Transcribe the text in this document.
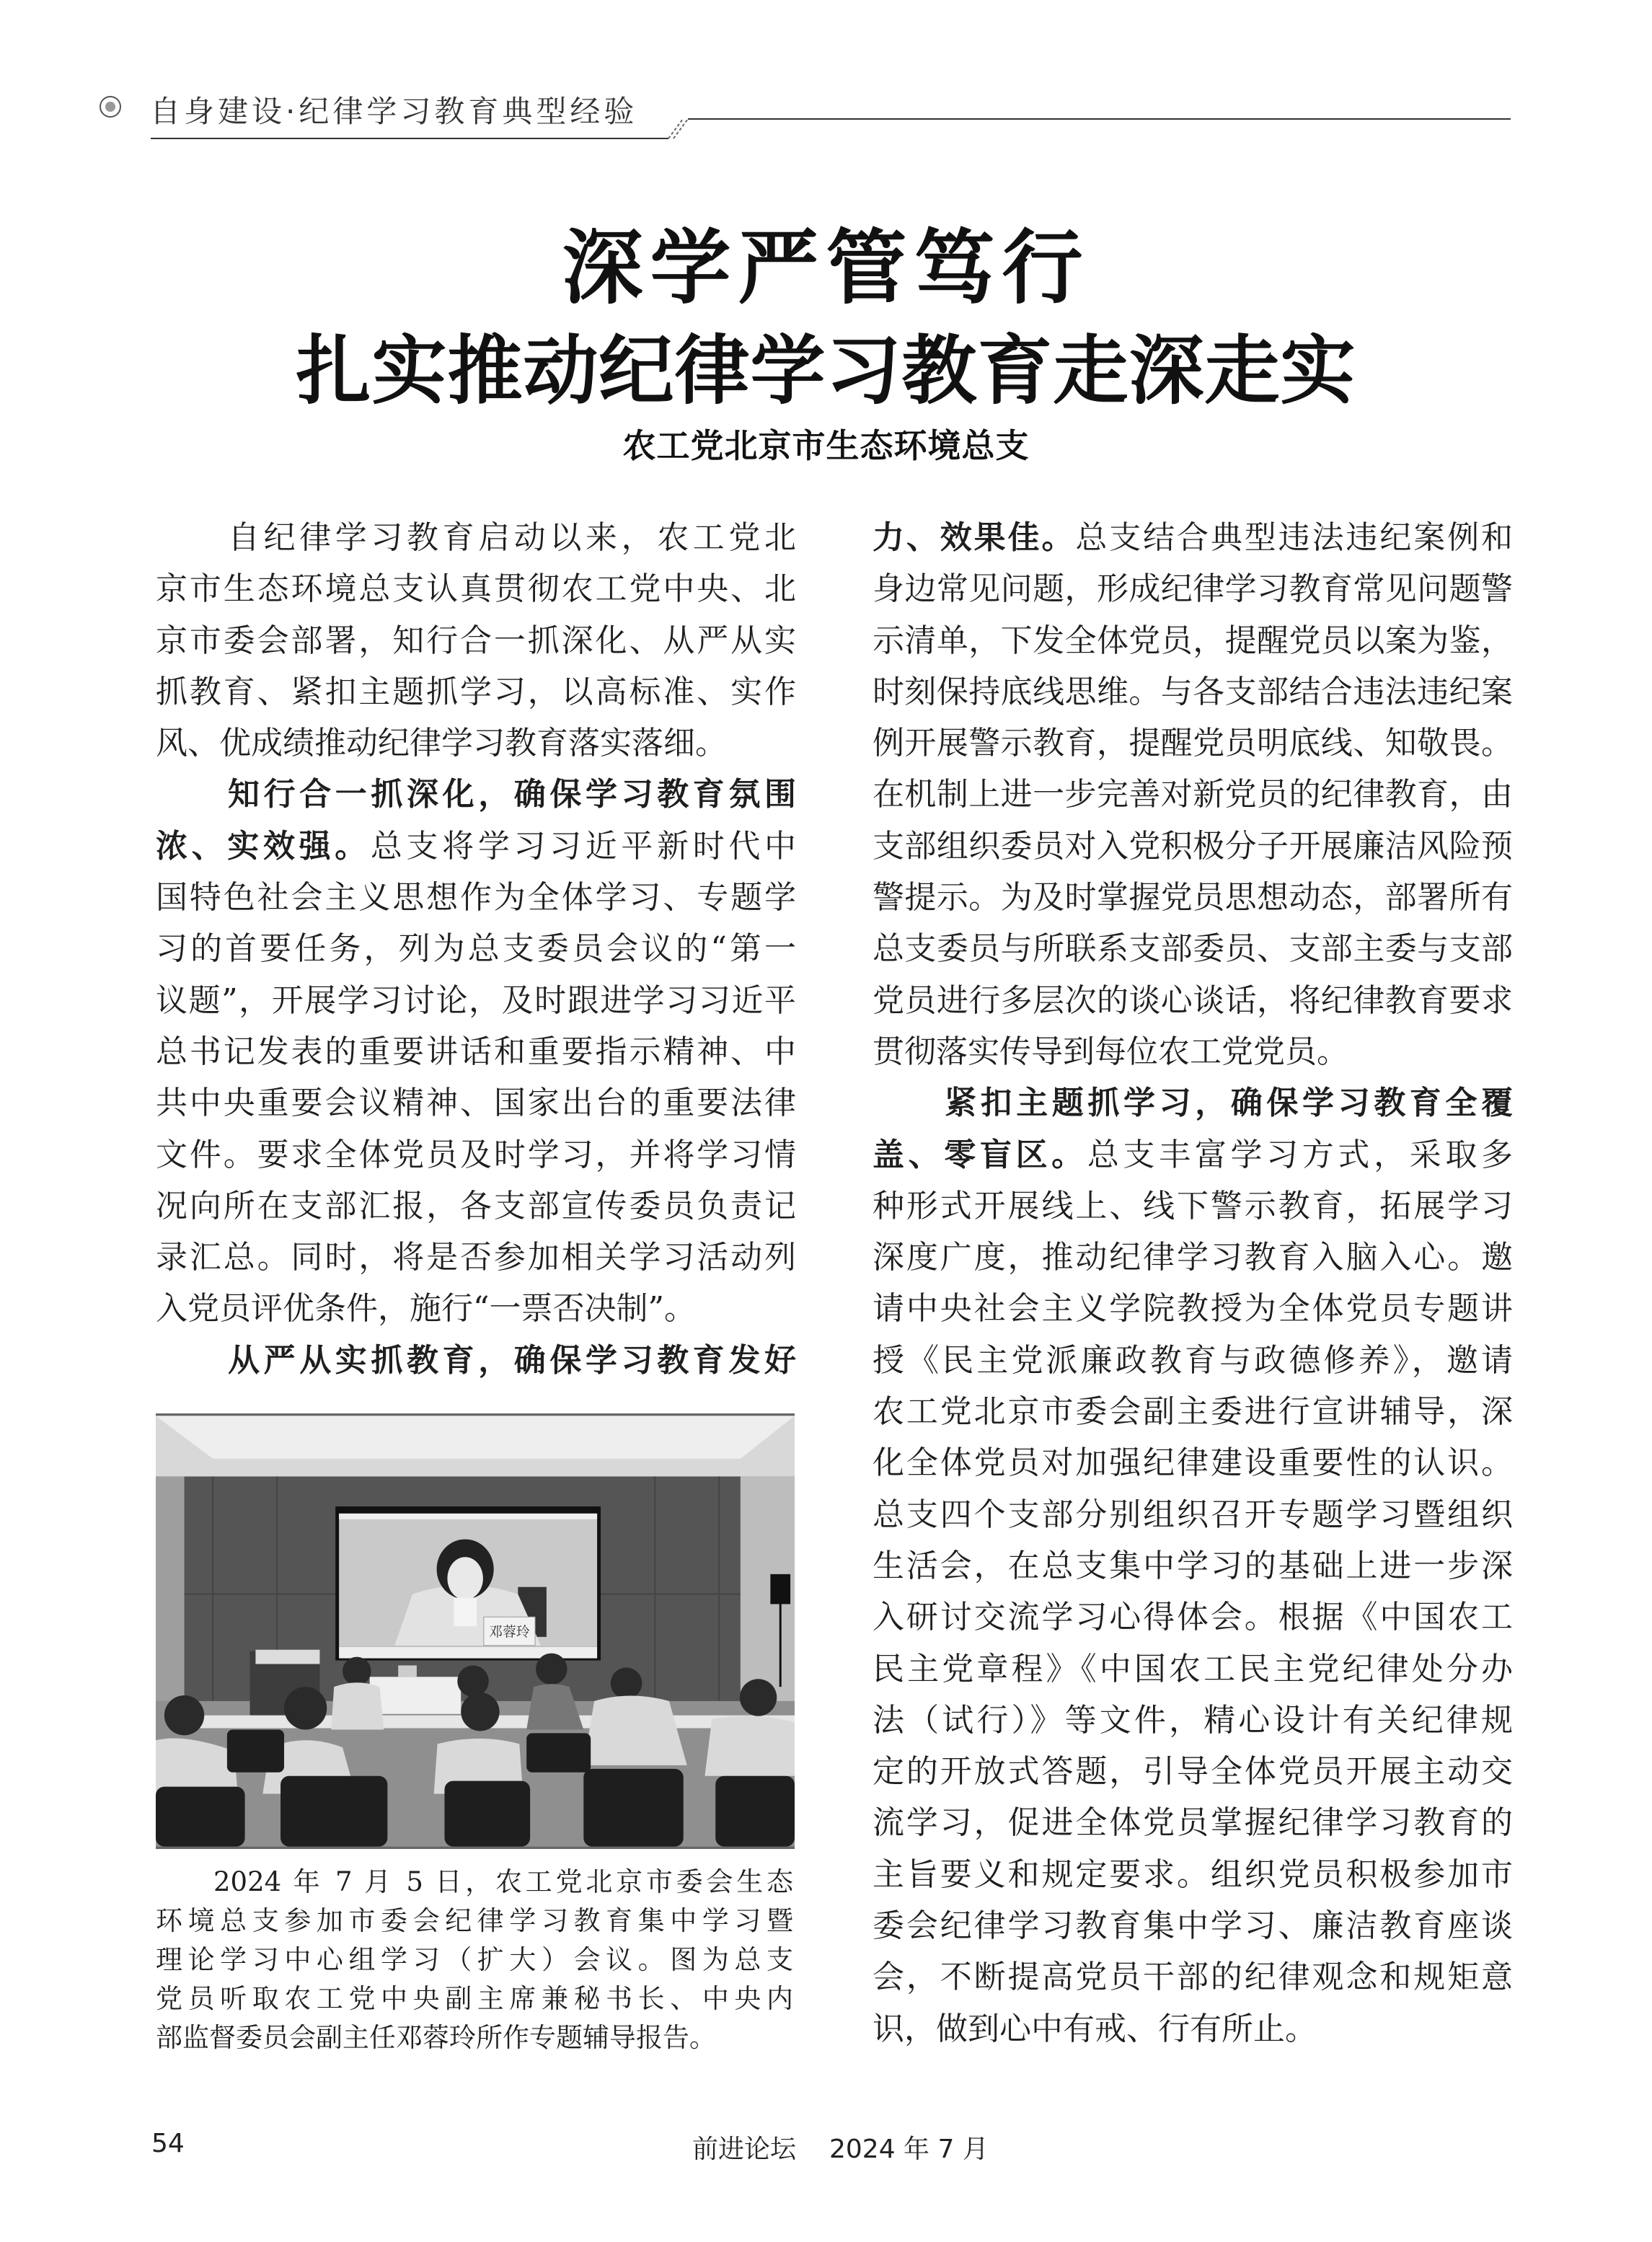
自身建设·纪律学习教育典型经验
深学严管笃行
扎实推动纪律学习教育走深走实
农工党北京市生态环境总支
自纪律学习教育启动以来，农工党北
京市生态环境总支认真贯彻农工党中央、北
京市委会部署，知行合一抓深化、从严从实
抓教育、紧扣主题抓学习，以高标准、实作
风、优成绩推动纪律学习教育落实落细。
知行合一抓深化，确保学习教育氛围
浓、实效强。总支将学习习近平新时代中
国特色社会主义思想作为全体学习、专题学
习的首要任务，列为总支委员会议的“第一
议题”，开展学习讨论，及时跟进学习习近平
总书记发表的重要讲话和重要指示精神、中
共中央重要会议精神、国家出台的重要法律
文件。要求全体党员及时学习，并将学习情
况向所在支部汇报，各支部宣传委员负责记
录汇总。同时，将是否参加相关学习活动列
入党员评优条件，施行“一票否决制”。
从严从实抓教育，确保学习教育发好
力、效果佳。总支结合典型违法违纪案例和
身边常见问题，形成纪律学习教育常见问题警
示清单，下发全体党员，提醒党员以案为鉴，
时刻保持底线思维。与各支部结合违法违纪案
例开展警示教育，提醒党员明底线、知敬畏。
在机制上进一步完善对新党员的纪律教育，由
支部组织委员对入党积极分子开展廉洁风险预
警提示。为及时掌握党员思想动态，部署所有
总支委员与所联系支部委员、支部主委与支部
党员进行多层次的谈心谈话，将纪律教育要求
贯彻落实传导到每位农工党党员。
紧扣主题抓学习，确保学习教育全覆
盖、零盲区。总支丰富学习方式，采取多
种形式开展线上、线下警示教育，拓展学习
深度广度，推动纪律学习教育入脑入心。邀
请中央社会主义学院教授为全体党员专题讲
授《民主党派廉政教育与政德修养》，邀请
农工党北京市委会副主委进行宣讲辅导，深
化全体党员对加强纪律建设重要性的认识。
总支四个支部分别组织召开专题学习暨组织
生活会，在总支集中学习的基础上进一步深
入研讨交流学习心得体会。根据《中国农工
民主党章程》《中国农工民主党纪律处分办
法（试行）》等文件，精心设计有关纪律规
定的开放式答题，引导全体党员开展主动交
流学习，促进全体党员掌握纪律学习教育的
主旨要义和规定要求。组织党员积极参加市
委会纪律学习教育集中学习、廉洁教育座谈
会，不断提高党员干部的纪律观念和规矩意
识，做到心中有戒、行有所止。
邓蓉玲
2024 年 7 月 5 日，农工党北京市委会生态
环境总支参加市委会纪律学习教育集中学习暨
理论学习中心组学习（扩大）会议。图为总支
党员听取农工党中央副主席兼秘书长、中央内
部监督委员会副主任邓蓉玲所作专题辅导报告。
54	前进论坛 2024 年 7 月
